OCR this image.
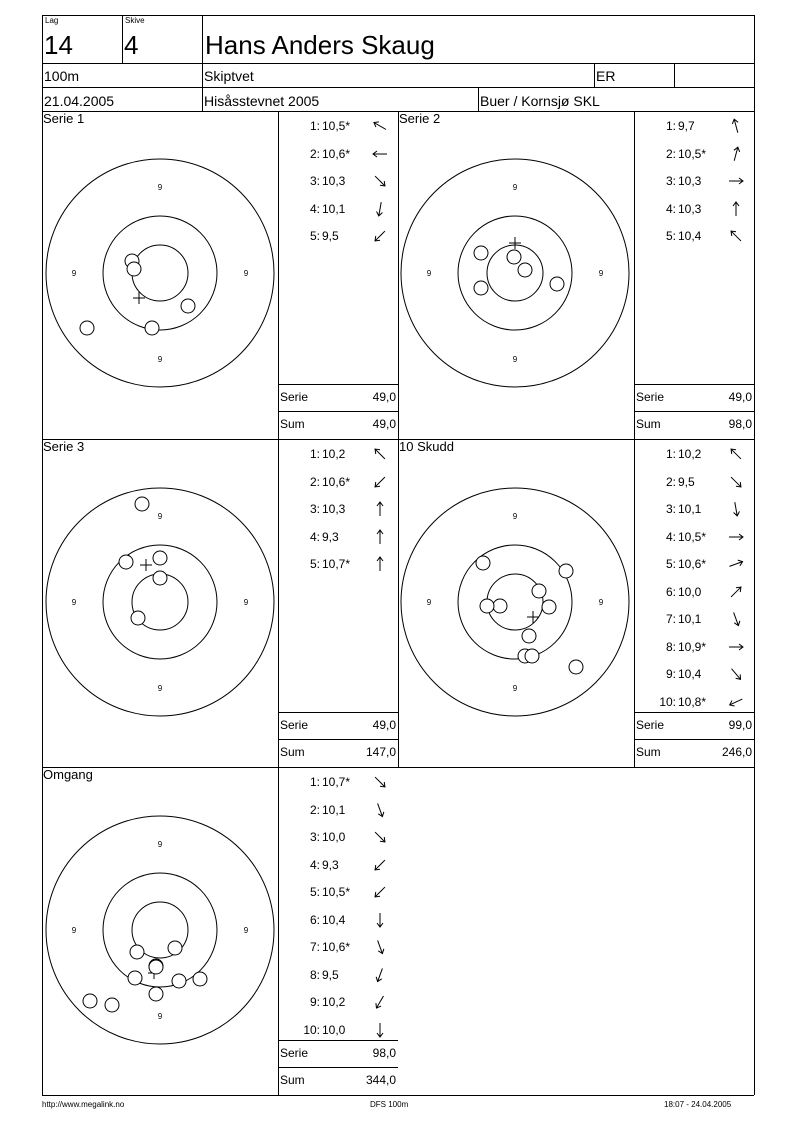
Lag
14
Skive
4	Hans Anders Skaug
100m	Skiptvet	ER
21.04.2005	Hisåsstevnet 2005	Buer / Kornsjø SKL
http://www.megalink.no	DFS 100m	18:07 - 24.04.2005
Serie 1
9
9
9	9
1: 10,5*
2: 10,6*
3: 10,3
4: 10,1
5: 9,5
Serie	49,0
Sum	49,0
Serie 2
9
9
9	9
1: 9,7
2: 10,5*
3: 10,3
4: 10,3
5: 10,4
Serie	49,0
Sum	98,0
Serie 3
9
9
9	9
1: 10,2
2: 10,6*
3: 10,3
4: 9,3
5: 10,7*
Serie	49,0
Sum	147,0
10 Skudd
9
9
9	9
1: 10,2
2: 9,5
3: 10,1
4: 10,5*
5: 10,6*
6: 10,0
7: 10,1
8: 10,9*
9: 10,4
10: 10,8*
Serie	99,0
Sum	246,0
Omgang
9
9
9	9
1: 10,7*
2: 10,1
3: 10,0
4: 9,3
5: 10,5*
6: 10,4
7: 10,6*
8: 9,5
9: 10,2
10: 10,0
Serie	98,0
Sum	344,0
